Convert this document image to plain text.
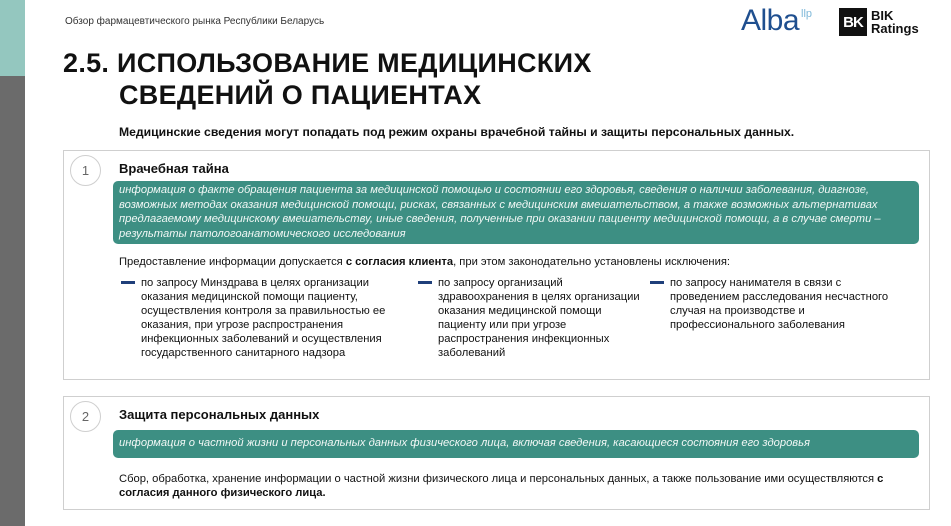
Обзор фармацевтического рынка Республики Беларусь	Alba llp BK BIK
Ratings
2.5. ИСПОЛЬЗОВАНИЕ МЕДИЦИНСКИХ
СВЕДЕНИЙ О ПАЦИЕНТАХ
Медицинские сведения могут попадать под режим охраны врачебной тайны и защиты персональных данных.
1	Врачебная тайна
информация о факте обращения пациента за медицинской помощью и состоянии его здоровья, сведения о наличии заболевания, диагнозе, возможных методах оказания медицинской помощи, рисках, связанных с медицинским вмешательством, а также возможных альтернативах предлагаемому медицинскому вмешательству, иные сведения, полученные при оказании пациенту медицинской помощи, а в случае смерти – результаты патологоанатомического исследования
Предоставление информации допускается с согласия клиента, при этом законодательно установлены исключения:
по запросу Минздрава в целях организации оказания медицинской помощи пациенту, осуществления контроля за правильностью ее оказания, при угрозе распространения инфекционных заболеваний и осуществления государственного санитарного надзора
по запросу организаций здравоохранения в целях организации оказания медицинской помощи пациенту или при угрозе распространения инфекционных заболеваний
по запросу нанимателя в связи с проведением расследования несчастного случая на производстве и профессионального заболевания
2	Защита персональных данных
информация о частной жизни и персональных данных физического лица, включая сведения, касающиеся состояния его здоровья
Сбор, обработка, хранение информации о частной жизни физического лица и персональных данных, а также пользование ими осуществляются с согласия данного физического лица.
